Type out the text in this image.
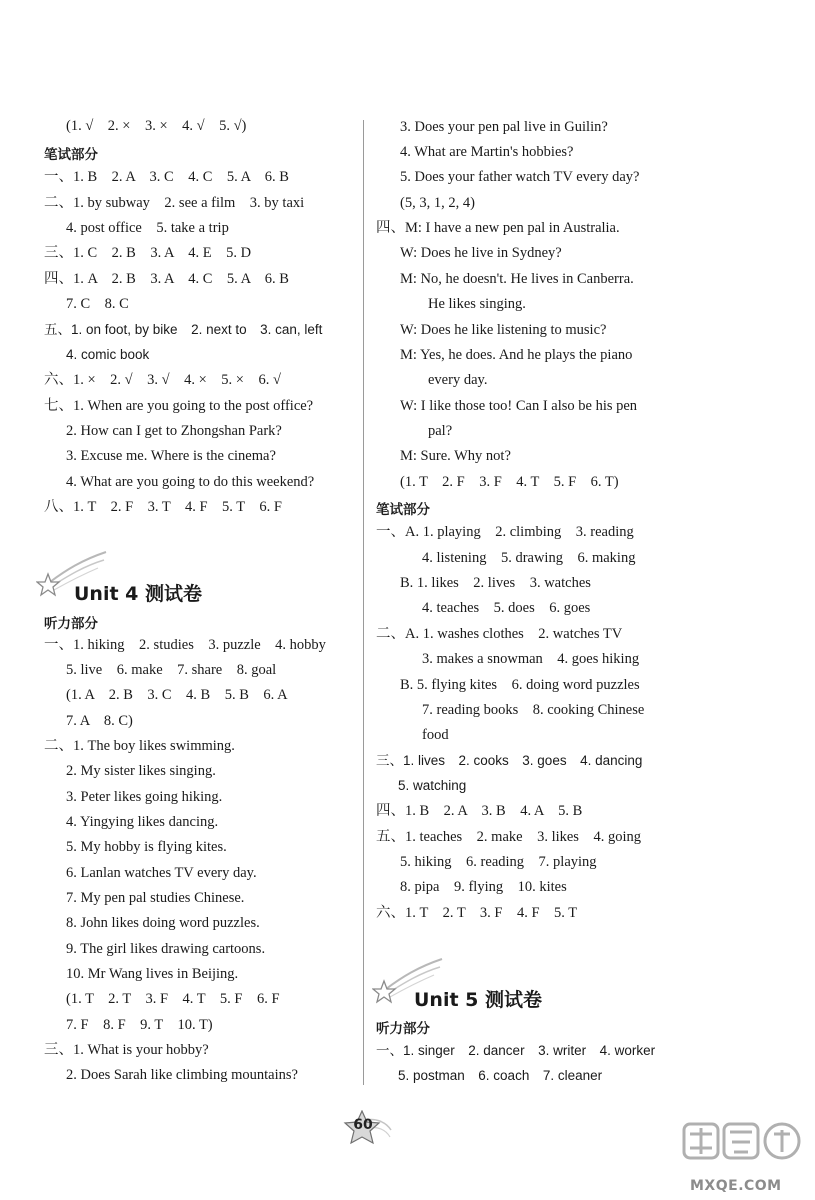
(1. √　2. ×　3. ×　4. √　5. √)
笔试部分
一、1. B　2. A　3. C　4. C　5. A　6. B
二、1. by subway　2. see a film　3. by taxi
4. post office　5. take a trip
三、1. C　2. B　3. A　4. E　5. D
四、1. A　2. B　3. A　4. C　5. A　6. B
7. C　8. C
五、1. on foot, by bike　2. next to　3. can, left
4. comic book
六、1. ×　2. √　3. √　4. ×　5. ×　6. √
七、1. When are you going to the post office?
2. How can I get to Zhongshan Park?
3. Excuse me. Where is the cinema?
4. What are you going to do this weekend?
八、1. T　2. F　3. T　4. F　5. T　6. F
Unit 4 测试卷
听力部分
一、1. hiking　2. studies　3. puzzle　4. hobby
5. live　6. make　7. share　8. goal
(1. A　2. B　3. C　4. B　5. B　6. A
7. A　8. C)
二、1. The boy likes swimming.
2. My sister likes singing.
3. Peter likes going hiking.
4. Yingying likes dancing.
5. My hobby is flying kites.
6. Lanlan watches TV every day.
7. My pen pal studies Chinese.
8. John likes doing word puzzles.
9. The girl likes drawing cartoons.
10. Mr Wang lives in Beijing.
(1. T　2. T　3. F　4. T　5. F　6. F
7. F　8. F　9. T　10. T)
三、1. What is your hobby?
2. Does Sarah like climbing mountains?
3. Does your pen pal live in Guilin?
4. What are Martin's hobbies?
5. Does your father watch TV every day?
(5, 3, 1, 2, 4)
四、M: I have a new pen pal in Australia.
W: Does he live in Sydney?
M: No, he doesn't. He lives in Canberra.
He likes singing.
W: Does he like listening to music?
M: Yes, he does. And he plays the piano
every day.
W: I like those too! Can I also be his pen
pal?
M: Sure. Why not?
(1. T　2. F　3. F　4. T　5. F　6. T)
笔试部分
一、A. 1. playing　2. climbing　3. reading
4. listening　5. drawing　6. making
B. 1. likes　2. lives　3. watches
4. teaches　5. does　6. goes
二、A. 1. washes clothes　2. watches TV
3. makes a snowman　4. goes hiking
B. 5. flying kites　6. doing word puzzles
7. reading books　8. cooking Chinese
food
三、1. lives　2. cooks　3. goes　4. dancing
5. watching
四、1. B　2. A　3. B　4. A　5. B
五、1. teaches　2. make　3. likes　4. going
5. hiking　6. reading　7. playing
8. pipa　9. flying　10. kites
六、1. T　2. T　3. F　4. F　5. T
Unit 5 测试卷
听力部分
一、1. singer　2. dancer　3. writer　4. worker
5. postman　6. coach　7. cleaner
60
MXQE.COM
